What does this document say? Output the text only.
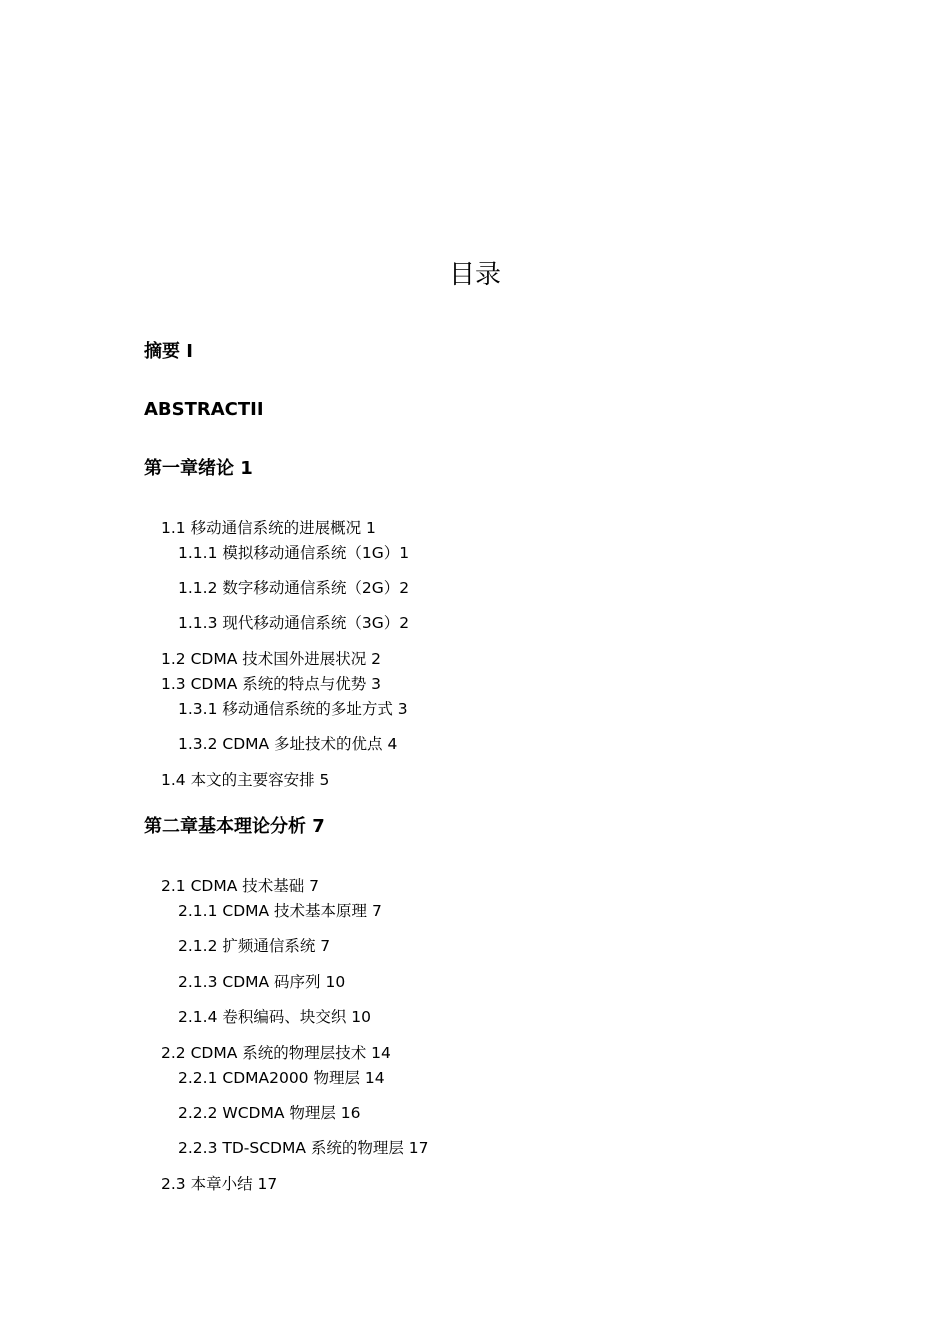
目录

摘要 I

ABSTRACTII

第一章绪论 1

1.1 移动通信系统的进展概况 1

1.1.1 模拟移动通信系统（1G）1

1.1.2 数字移动通信系统（2G）2

1.1.3 现代移动通信系统（3G）2

1.2 CDMA 技术国外进展状况 2

1.3 CDMA 系统的特点与优势 3

1.3.1 移动通信系统的多址方式 3

1.3.2 CDMA 多址技术的优点 4

1.4 本文的主要容安排 5

第二章基本理论分析 7

2.1 CDMA 技术基础 7

2.1.1 CDMA 技术基本原理 7

2.1.2 扩频通信系统 7

2.1.3 CDMA 码序列 10

2.1.4 卷积编码、块交织 10

2.2 CDMA 系统的物理层技术 14

2.2.1 CDMA2000 物理层 14

2.2.2 WCDMA 物理层 16

2.2.3 TD-SCDMA 系统的物理层 17

2.3 本章小结 17
